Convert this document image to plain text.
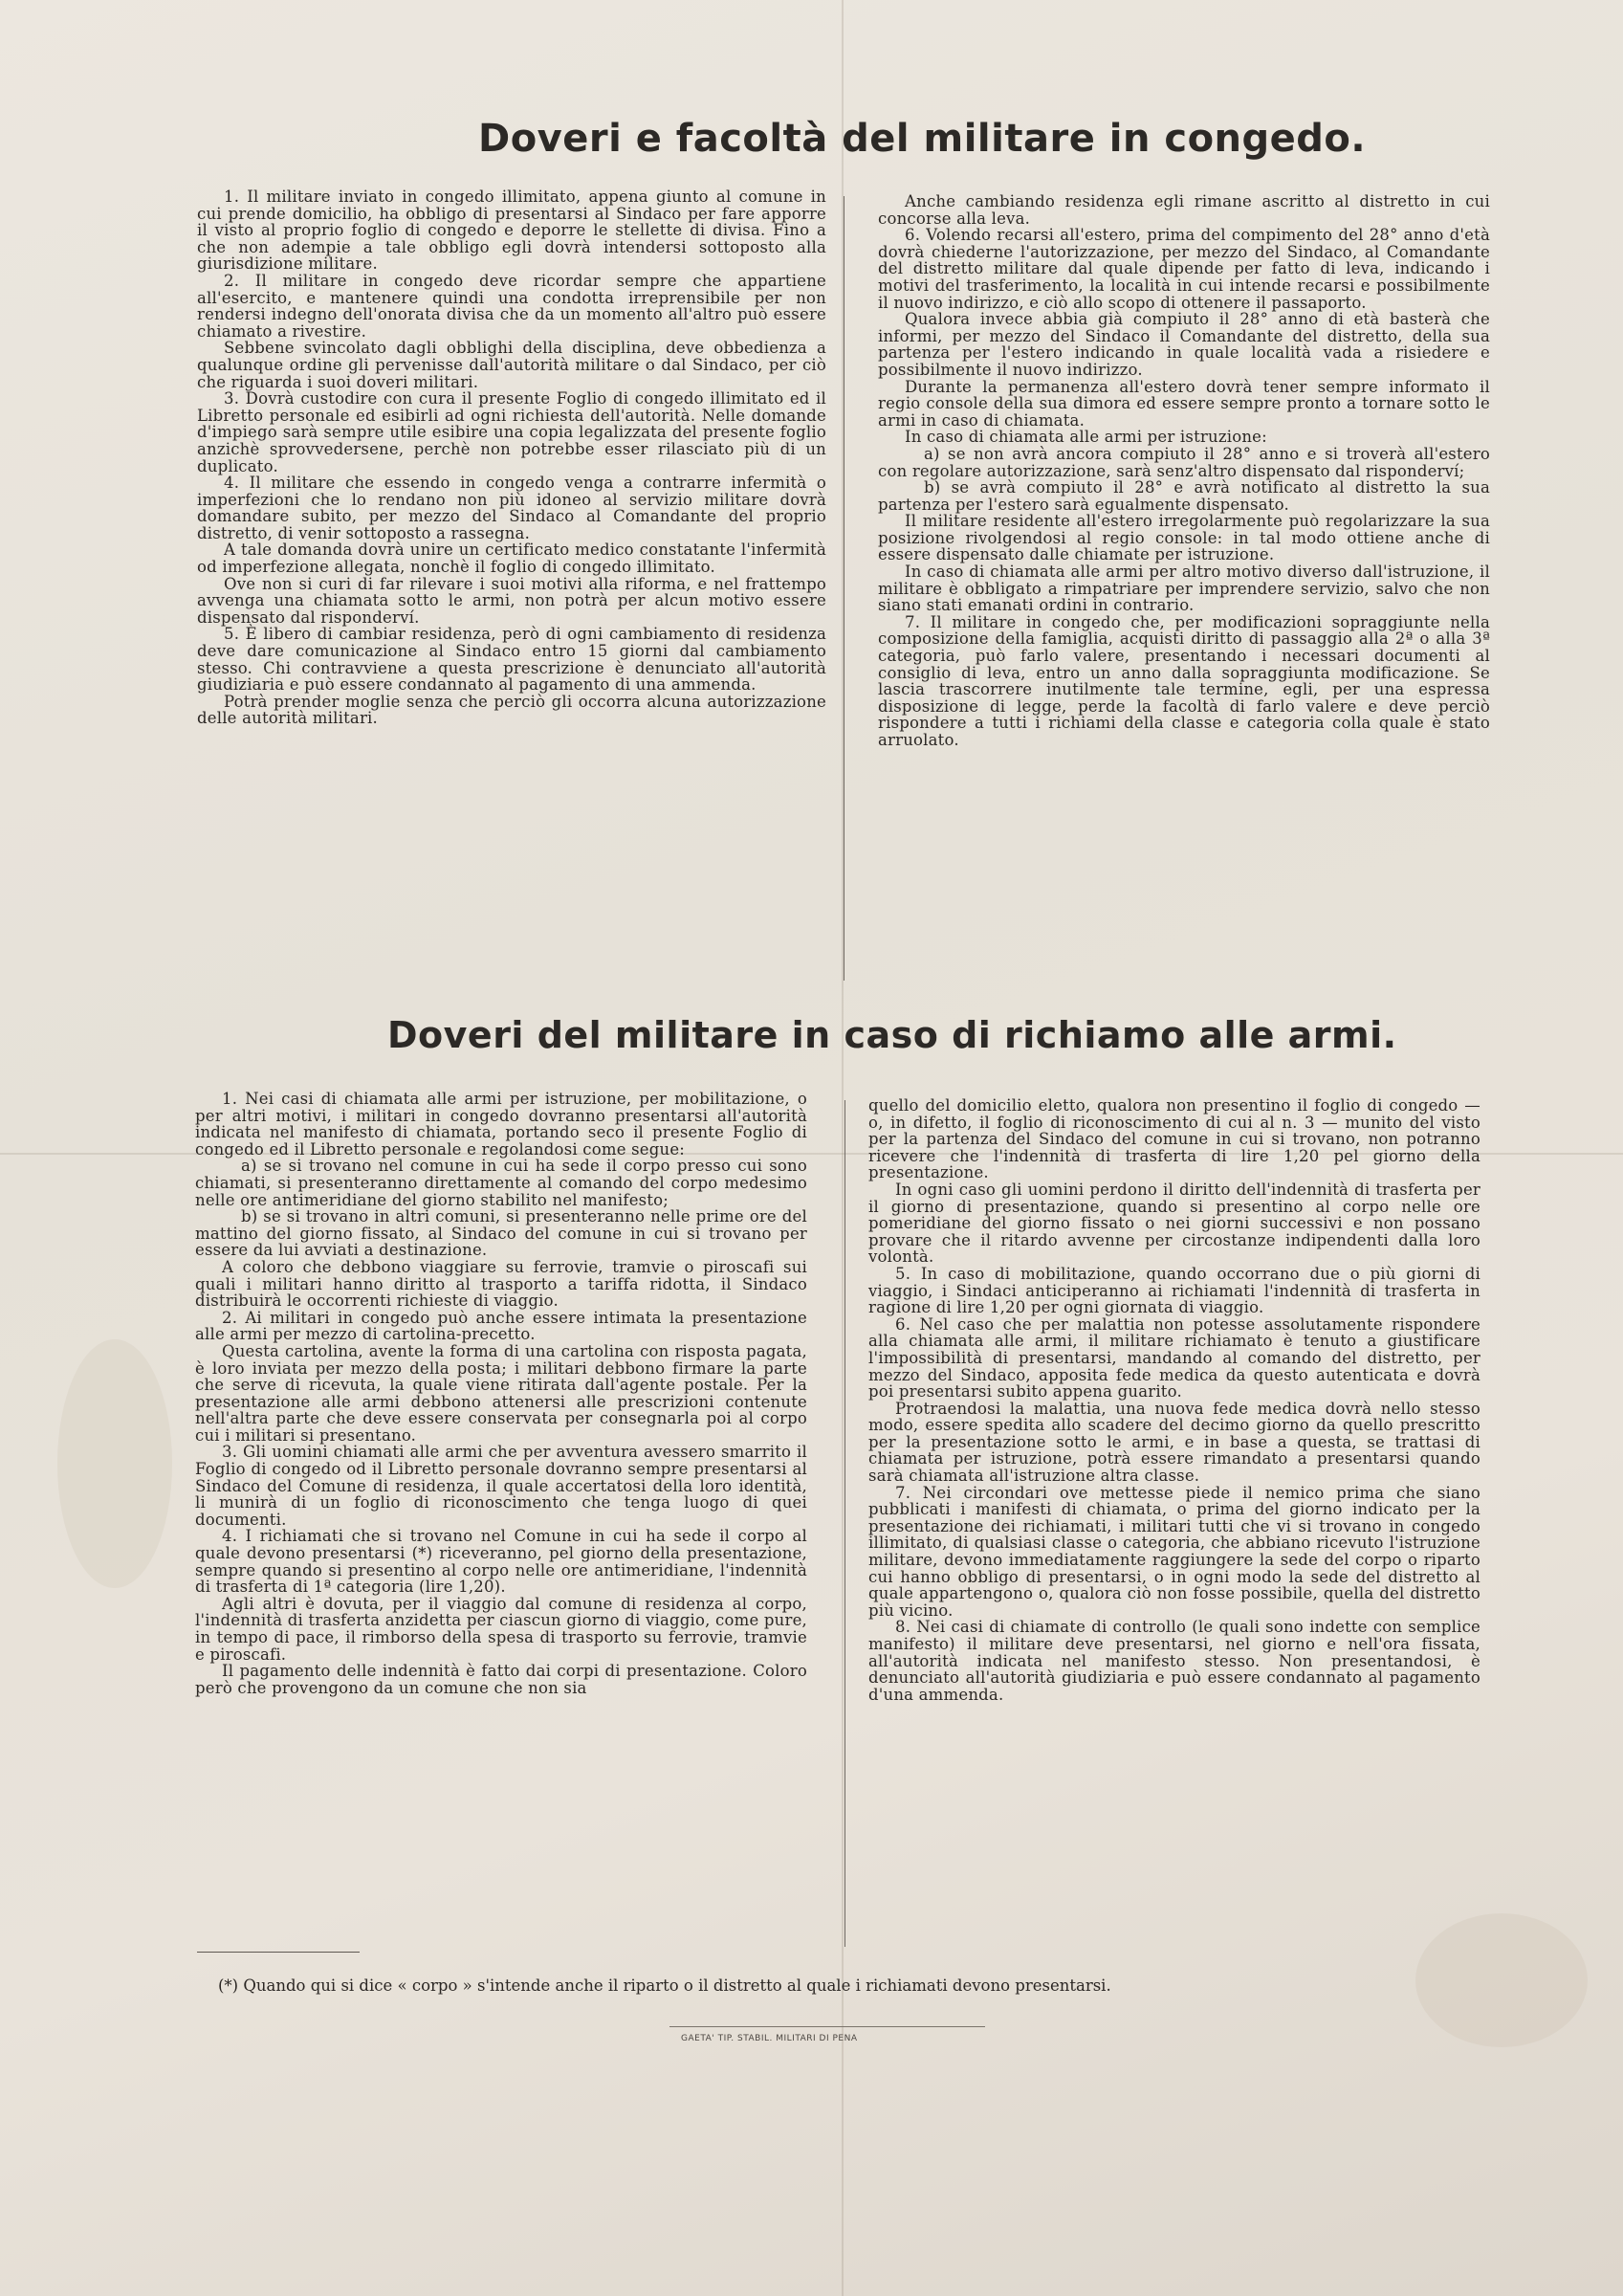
Doveri e facoltà del militare in congedo.

1. Il militare inviato in congedo illimitato, appena giunto al comune in cui prende domicilio, ha obbligo di presentarsi al Sindaco per fare apporre il visto al proprio foglio di congedo e deporre le stellette di divisa. Fino a che non adempie a tale obbligo egli dovrà intendersi sottoposto alla giurisdizione militare.

2. Il militare in congedo deve ricordar sempre che appartiene all'esercito, e mantenere quindi una condotta irreprensibile per non rendersi indegno dell'onorata divisa che da un momento all'altro può essere chiamato a rivestire.

Sebbene svincolato dagli obblighi della disciplina, deve obbedienza a qualunque ordine gli pervenisse dall'autorità militare o dal Sindaco, per ciò che riguarda i suoi doveri militari.

3. Dovrà custodire con cura il presente Foglio di congedo illimitato ed il Libretto personale ed esibirli ad ogni richiesta dell'autorità. Nelle domande d'impiego sarà sempre utile esibire una copia legalizzata del presente foglio anzichè sprovvedersene, perchè non potrebbe esser rilasciato più di un duplicato.

4. Il militare che essendo in congedo venga a contrarre infermità o imperfezioni che lo rendano non più idoneo al servizio militare dovrà domandare subito, per mezzo del Sindaco al Comandante del proprio distretto, di venir sottoposto a rassegna.

A tale domanda dovrà unire un certificato medico constatante l'infermità od imperfezione allegata, nonchè il foglio di congedo illimitato.

Ove non si curi di far rilevare i suoi motivi alla riforma, e nel frattempo avvenga una chiamata sotto le armi, non potrà per alcun motivo essere dispensato dal risponderví.

5. È libero di cambiar residenza, però di ogni cambiamento di residenza deve dare comunicazione al Sindaco entro 15 giorni dal cambiamento stesso. Chi contravviene a questa prescrizione è denunciato all'autorità giudiziaria e può essere condannato al pagamento di una ammenda.

Potrà prender moglie senza che perciò gli occorra alcuna autorizzazione delle autorità militari.

Anche cambiando residenza egli rimane ascritto al distretto in cui concorse alla leva.

6. Volendo recarsi all'estero, prima del compimento del 28° anno d'età dovrà chiederne l'autorizzazione, per mezzo del Sindaco, al Comandante del distretto militare dal quale dipende per fatto di leva, indicando i motivi del trasferimento, la località in cui intende recarsi e possibilmente il nuovo indirizzo, e ciò allo scopo di ottenere il passaporto.

Qualora invece abbia già compiuto il 28° anno di età basterà che informi, per mezzo del Sindaco il Comandante del distretto, della sua partenza per l'estero indicando in quale località vada a risiedere e possibilmente il nuovo indirizzo.

Durante la permanenza all'estero dovrà tener sempre informato il regio console della sua dimora ed essere sempre pronto a tornare sotto le armi in caso di chiamata.

In caso di chiamata alle armi per istruzione:

a) se non avrà ancora compiuto il 28° anno e si troverà all'estero con regolare autorizzazione, sarà senz'altro dispensato dal risponderví;

b) se avrà compiuto il 28° e avrà notificato al distretto la sua partenza per l'estero sarà egualmente dispensato.

Il militare residente all'estero irregolarmente può regolarizzare la sua posizione rivolgendosi al regio console: in tal modo ottiene anche di essere dispensato dalle chiamate per istruzione.

In caso di chiamata alle armi per altro motivo diverso dall'istruzione, il militare è obbligato a rimpatriare per imprendere servizio, salvo che non siano stati emanati ordini in contrario.

7. Il militare in congedo che, per modificazioni sopraggiunte nella composizione della famiglia, acquisti diritto di passaggio alla 2ª o alla 3ª categoria, può farlo valere, presentando i necessari documenti al consiglio di leva, entro un anno dalla sopraggiunta modificazione. Se lascia trascorrere inutilmente tale termine, egli, per una espressa disposizione di legge, perde la facoltà di farlo valere e deve perciò rispondere a tutti i richiami della classe e categoria colla quale è stato arruolato.

Doveri del militare in caso di richiamo alle armi.

1. Nei casi di chiamata alle armi per istruzione, per mobilitazione, o per altri motivi, i militari in congedo dovranno presentarsi all'autorità indicata nel manifesto di chiamata, portando seco il presente Foglio di congedo ed il Libretto personale e regolandosi come segue:

a) se si trovano nel comune in cui ha sede il corpo presso cui sono chiamati, si presenteranno direttamente al comando del corpo medesimo nelle ore antimeridiane del giorno stabilito nel manifesto;

b) se si trovano in altri comuni, si presenteranno nelle prime ore del mattino del giorno fissato, al Sindaco del comune in cui si trovano per essere da lui avviati a destinazione.

A coloro che debbono viaggiare su ferrovie, tramvie o piroscafi sui quali i militari hanno diritto al trasporto a tariffa ridotta, il Sindaco distribuirà le occorrenti richieste di viaggio.

2. Ai militari in congedo può anche essere intimata la presentazione alle armi per mezzo di cartolina-precetto.

Questa cartolina, avente la forma di una cartolina con risposta pagata, è loro inviata per mezzo della posta; i militari debbono firmare la parte che serve di ricevuta, la quale viene ritirata dall'agente postale. Per la presentazione alle armi debbono attenersi alle prescrizioni contenute nell'altra parte che deve essere conservata per consegnarla poi al corpo cui i militari si presentano.

3. Gli uomini chiamati alle armi che per avventura avessero smarrito il Foglio di congedo od il Libretto personale dovranno sempre presentarsi al Sindaco del Comune di residenza, il quale accertatosi della loro identità, li munirà di un foglio di riconoscimento che tenga luogo di quei documenti.

4. I richiamati che si trovano nel Comune in cui ha sede il corpo al quale devono presentarsi (*) riceveranno, pel giorno della presentazione, sempre quando si presentino al corpo nelle ore antimeridiane, l'indennità di trasferta di 1ª categoria (lire 1,20).

Agli altri è dovuta, per il viaggio dal comune di residenza al corpo, l'indennità di trasferta anzidetta per ciascun giorno di viaggio, come pure, in tempo di pace, il rimborso della spesa di trasporto su ferrovie, tramvie e piroscafi.

Il pagamento delle indennità è fatto dai corpi di presentazione. Coloro però che provengono da un comune che non sia

quello del domicilio eletto, qualora non presentino il foglio di congedo — o, in difetto, il foglio di riconoscimento di cui al n. 3 — munito del visto per la partenza del Sindaco del comune in cui si trovano, non potranno ricevere che l'indennità di trasferta di lire 1,20 pel giorno della presentazione.

In ogni caso gli uomini perdono il diritto dell'indennità di trasferta per il giorno di presentazione, quando si presentino al corpo nelle ore pomeridiane del giorno fissato o nei giorni successivi e non possano provare che il ritardo avvenne per circostanze indipendenti dalla loro volontà.

5. In caso di mobilitazione, quando occorrano due o più giorni di viaggio, i Sindaci anticiperanno ai richiamati l'indennità di trasferta in ragione di lire 1,20 per ogni giornata di viaggio.

6. Nel caso che per malattia non potesse assolutamente rispondere alla chiamata alle armi, il militare richiamato è tenuto a giustificare l'impossibilità di presentarsi, mandando al comando del distretto, per mezzo del Sindaco, apposita fede medica da questo autenticata e dovrà poi presentarsi subito appena guarito.

Protraendosi la malattia, una nuova fede medica dovrà nello stesso modo, essere spedita allo scadere del decimo giorno da quello prescritto per la presentazione sotto le armi, e in base a questa, se trattasi di chiamata per istruzione, potrà essere rimandato a presentarsi quando sarà chiamata all'istruzione altra classe.

7. Nei circondari ove mettesse piede il nemico prima che siano pubblicati i manifesti di chiamata, o prima del giorno indicato per la presentazione dei richiamati, i militari tutti che vi si trovano in congedo illimitato, di qualsiasi classe o categoria, che abbiano ricevuto l'istruzione militare, devono immediatamente raggiungere la sede del corpo o riparto cui hanno obbligo di presentarsi, o in ogni modo la sede del distretto al quale appartengono o, qualora ciò non fosse possibile, quella del distretto più vicino.

8. Nei casi di chiamate di controllo (le quali sono indette con semplice manifesto) il militare deve presentarsi, nel giorno e nell'ora fissata, all'autorità indicata nel manifesto stesso. Non presentandosi, è denunciato all'autorità giudiziaria e può essere condannato al pagamento d'una ammenda.

(*) Quando qui si dice « corpo » s'intende anche il riparto o il distretto al quale i richiamati devono presentarsi.
GAETA' TIP. STABIL. MILITARI DI PENA
